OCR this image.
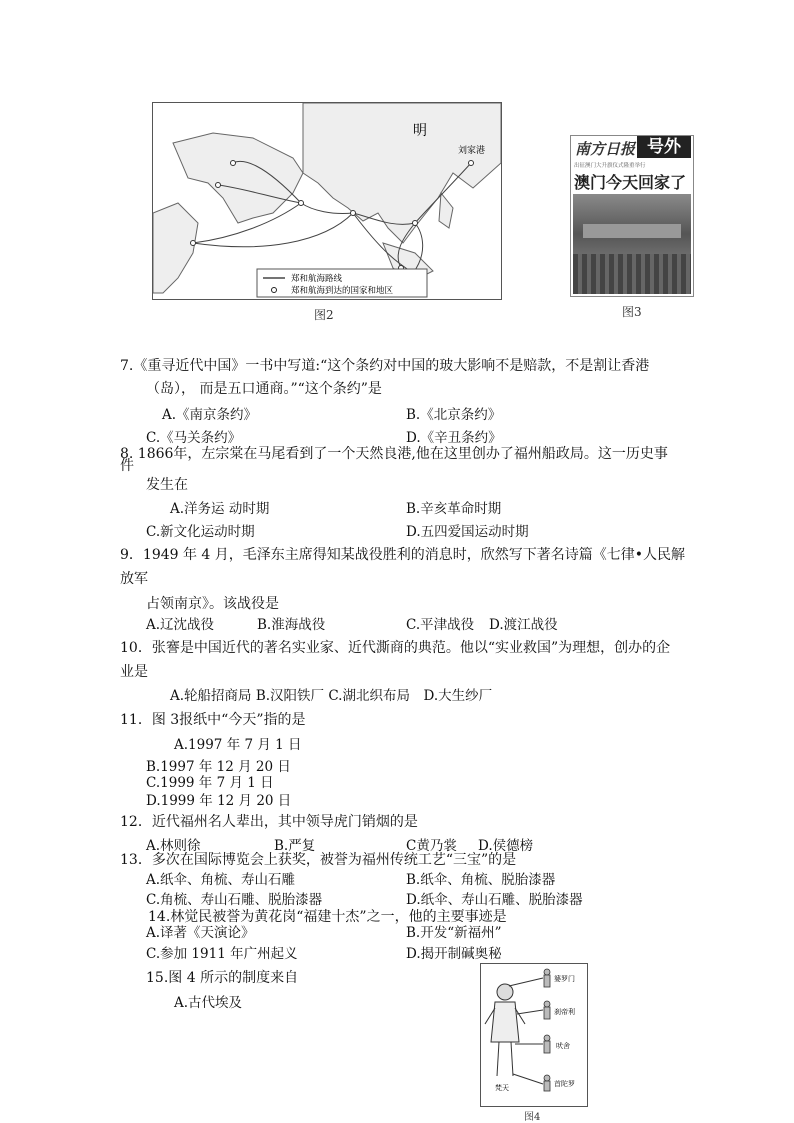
明
刘家港
郑和航海路线
郑和航海到达的国家和地区
图2
南方日报 号外
出征澳门大升旗仪式隆重举行
澳门今天回家了
图3
7.《重寻近代中国》一书中写道:“这个条约对中国的玻大影响不是赔款，不是割让香港
（岛）， 而是五口通商。”“这个条约”是
A.《南京条约》	B.《北京条约》
C.《马关条约》	D.《辛丑条约》
8. 1866年，左宗棠在马尾看到了一个天然良港,他在这里创办了福州船政局。这一历史事
件
发生在
A.洋务运 动时期	B.辛亥革命时期
C.新文化运动时期	D.五四爱国运动时期
9．1949 年 4 月，毛泽东主席得知某战役胜利的消息时，欣然写下著名诗篇《七律•人民解
放军
占领南京》。该战役是
A.辽沈战役	B.淮海战役	C.平津战役 D.渡江战役
10．张謇是中国近代的著名实业家、近代澌商的典范。他以“实业救国”为理想，创办的企
业是
A.轮船招商局 B.汉阳铁厂 C.湖北织布局　D.大生纱厂
11．图 3报纸中“今天”指的是
A.1997 年 7 月 1 日
B.1997 年 12 月 20 日
C.1999 年 7 月 1 日
D.1999 年 12 月 20 日
12．近代福州名人辈出，其中领导虎门销烟的是
A.林则徐	B.严复	C黄乃裳 D.侯德榜
13．多次在国际博览会上获奖，被誉为福州传统工艺“三宝”的是
A.纸伞、角梳、寿山石雕	B.纸伞、角梳、脱胎漆器
C.角梳、寿山石雕、脱胎漆器	D.纸伞、寿山石雕、脱胎漆器
14.林觉民被誉为黄花岗“福建十杰”之一，他的主要事迹是
A.译著《天演论》	B.开发“新福州”
C.参加 1911 年广州起义	D.揭开制碱奥秘
15.图 4 所示的制度来自
A.古代埃及
婆罗门
刹帝利
吠舍
首陀罗
梵天
图4
